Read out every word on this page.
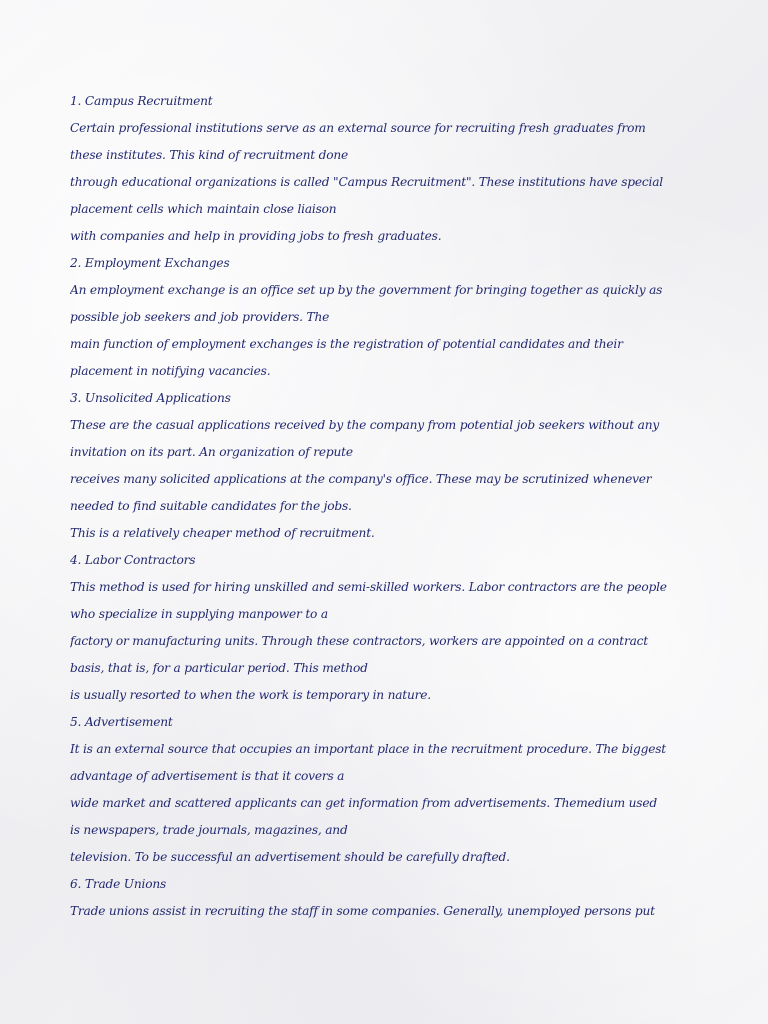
1. Campus Recruitment
Certain professional institutions serve as an external source for recruiting fresh graduates from
these institutes. This kind of recruitment done
through educational organizations is called "Campus Recruitment". These institutions have special
placement cells which maintain close liaison
with companies and help in providing jobs to fresh graduates.
2. Employment Exchanges
An employment exchange is an office set up by the government for bringing together as quickly as
possible job seekers and job providers. The
main function of employment exchanges is the registration of potential candidates and their
placement in notifying vacancies.
3. Unsolicited Applications
These are the casual applications received by the company from potential job seekers without any
invitation on its part. An organization of repute
receives many solicited applications at the company's office. These may be scrutinized whenever
needed to find suitable candidates for the jobs.
This is a relatively cheaper method of recruitment.
4. Labor Contractors
This method is used for hiring unskilled and semi-skilled workers. Labor contractors are the people
who specialize in supplying manpower to a
factory or manufacturing units. Through these contractors, workers are appointed on a contract
basis, that is, for a particular period. This method
is usually resorted to when the work is temporary in nature.
5. Advertisement
It is an external source that occupies an important place in the recruitment procedure. The biggest
advantage of advertisement is that it covers a
wide market and scattered applicants can get information from advertisements. Themedium used
is newspapers, trade journals, magazines, and
television. To be successful an advertisement should be carefully drafted.
6. Trade Unions
Trade unions assist in recruiting the staff in some companies. Generally, unemployed persons put
